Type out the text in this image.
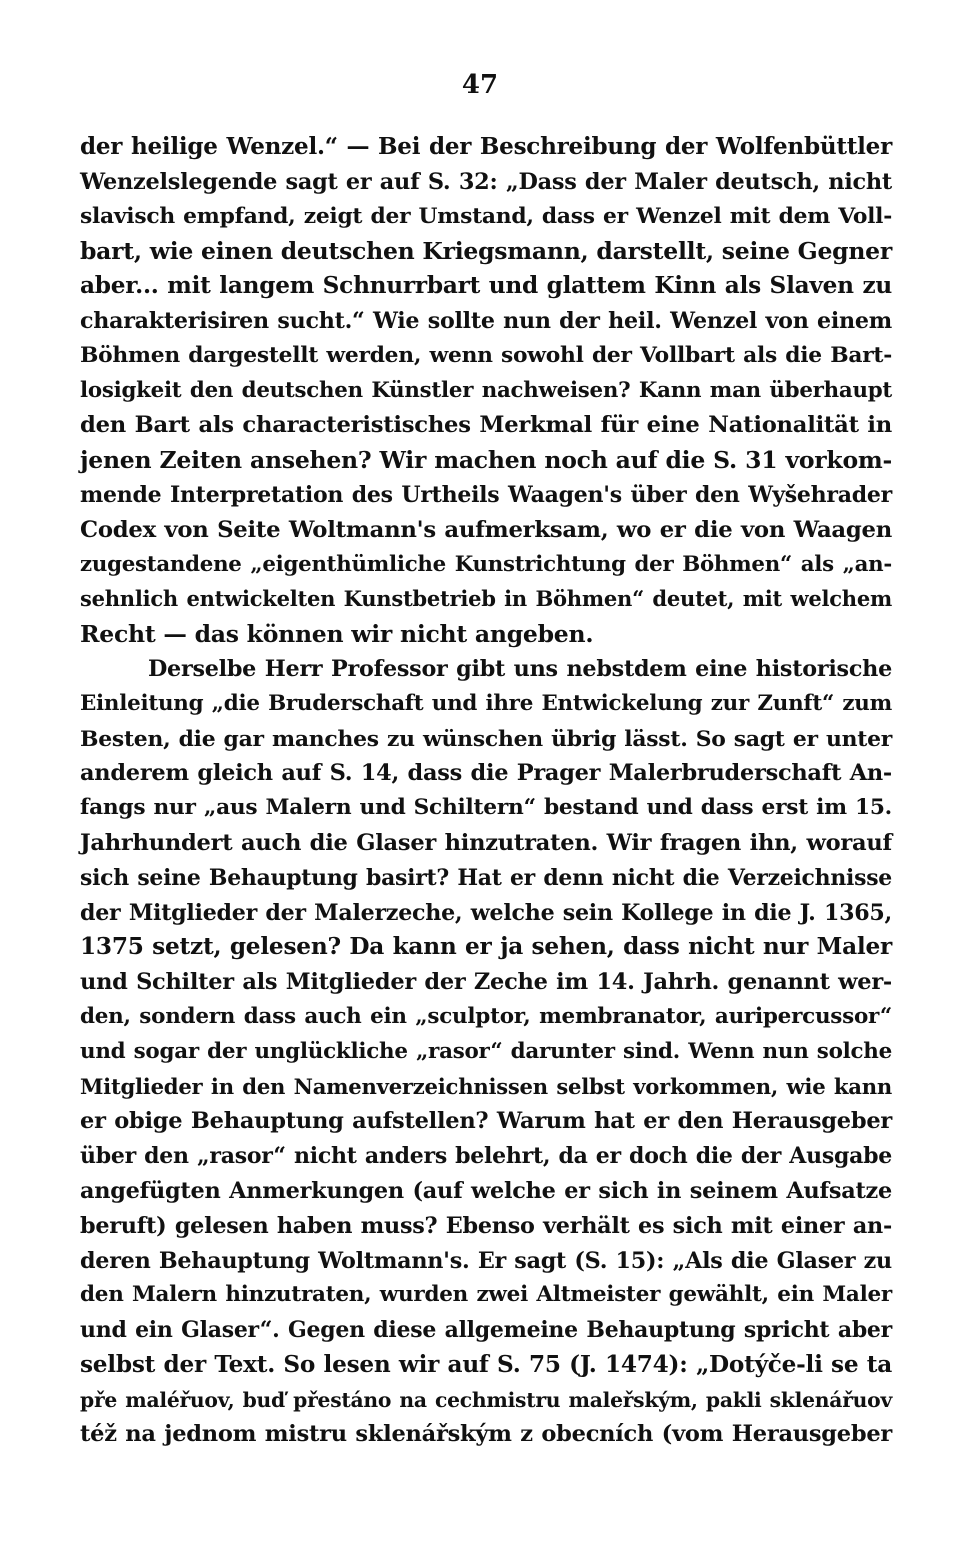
47
der heilige Wenzel.“ — Bei der Beschreibung der Wolfenbüttler
Wenzelslegende sagt er auf S. 32: „Dass der Maler deutsch, nicht
slavisch empfand, zeigt der Umstand, dass er Wenzel mit dem Voll-
bart, wie einen deutschen Kriegsmann, darstellt, seine Gegner
aber... mit langem Schnurrbart und glattem Kinn als Slaven zu
charakterisiren sucht.“ Wie sollte nun der heil. Wenzel von einem
Böhmen dargestellt werden, wenn sowohl der Vollbart als die Bart-
losigkeit den deutschen Künstler nachweisen? Kann man überhaupt
den Bart als characteristisches Merkmal für eine Nationalität in
jenen Zeiten ansehen? Wir machen noch auf die S. 31 vorkom-
mende Interpretation des Urtheils Waagen's über den Wyšehrader
Codex von Seite Woltmann's aufmerksam, wo er die von Waagen
zugestandene „eigenthümliche Kunstrichtung der Böhmen“ als „an-
sehnlich entwickelten Kunstbetrieb in Böhmen“ deutet, mit welchem
Recht — das können wir nicht angeben.
Derselbe Herr Professor gibt uns nebstdem eine historische
Einleitung „die Bruderschaft und ihre Entwickelung zur Zunft“ zum
Besten, die gar manches zu wünschen übrig lässt. So sagt er unter
anderem gleich auf S. 14, dass die Prager Malerbruderschaft An-
fangs nur „aus Malern und Schiltern“ bestand und dass erst im 15.
Jahrhundert auch die Glaser hinzutraten. Wir fragen ihn, worauf
sich seine Behauptung basirt? Hat er denn nicht die Verzeichnisse
der Mitglieder der Malerzeche, welche sein Kollege in die J. 1365,
1375 setzt, gelesen? Da kann er ja sehen, dass nicht nur Maler
und Schilter als Mitglieder der Zeche im 14. Jahrh. genannt wer-
den, sondern dass auch ein „sculptor, membranator, auripercussor“
und sogar der unglückliche „rasor“ darunter sind. Wenn nun solche
Mitglieder in den Namenverzeichnissen selbst vorkommen, wie kann
er obige Behauptung aufstellen? Warum hat er den Herausgeber
über den „rasor“ nicht anders belehrt, da er doch die der Ausgabe
angefügten Anmerkungen (auf welche er sich in seinem Aufsatze
beruft) gelesen haben muss? Ebenso verhält es sich mit einer an-
deren Behauptung Woltmann's. Er sagt (S. 15): „Als die Glaser zu
den Malern hinzutraten, wurden zwei Altmeister gewählt, ein Maler
und ein Glaser“. Gegen diese allgemeine Behauptung spricht aber
selbst der Text. So lesen wir auf S. 75 (J. 1474): „Dotýče-li se ta
pře maléřuov, buď přestáno na cechmistru maleřským, pakli sklenářuov
též na jednom mistru sklenářským z obecních (vom Herausgeber
